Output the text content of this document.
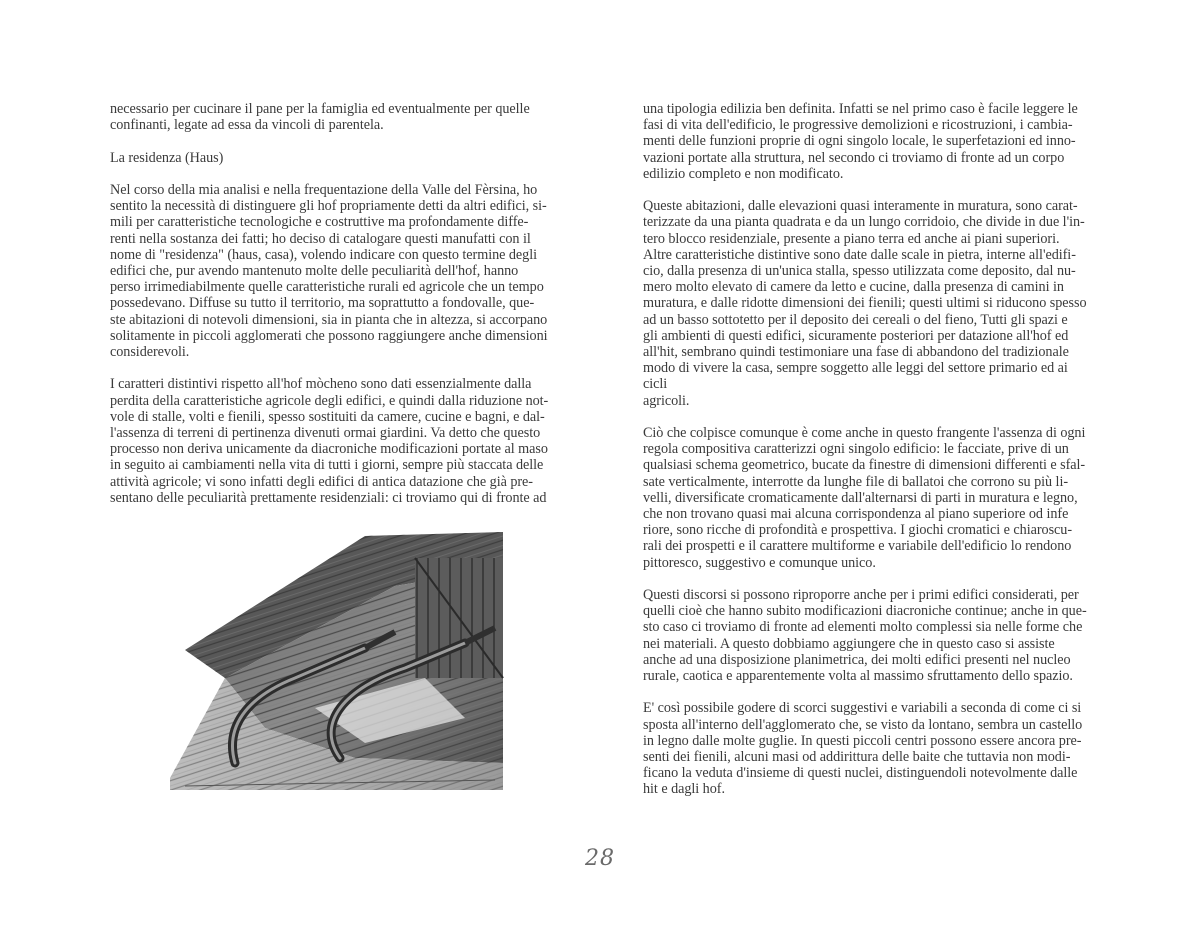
necessario per cucinare il pane per la famiglia ed eventualmente per quelle
confinanti, legate ad essa da vincoli di parentela.

La residenza (Haus)

Nel corso della mia analisi e nella frequentazione della Valle del Fèrsina, ho
sentito la necessità di distinguere gli hof propriamente detti da altri edifici, si-
mili per caratteristiche tecnologiche e costruttive ma profondamente diffe-
renti nella sostanza dei fatti; ho deciso di catalogare questi manufatti con il
nome di "residenza" (haus, casa), volendo indicare con questo termine degli
edifici che, pur avendo mantenuto molte delle peculiarità dell'hof, hanno
perso irrimediabilmente quelle caratteristiche rurali ed agricole che un tempo
possedevano. Diffuse su tutto il territorio, ma soprattutto a fondovalle, que-
ste abitazioni di notevoli dimensioni, sia in pianta che in altezza, si accorpano
solitamente in piccoli agglomerati che possono raggiungere anche dimensioni
considerevoli.

I caratteri distintivi rispetto all'hof mòcheno sono dati essenzialmente dalla
perdita della caratteristiche agricole degli edifici, e quindi dalla riduzione not-
vole di stalle, volti e fienili, spesso sostituiti da camere, cucine e bagni, e dal-
l'assenza di terreni di pertinenza divenuti ormai giardini. Va detto che questo
processo non deriva unicamente da diacroniche modificazioni portate al maso
in seguito ai cambiamenti nella vita di tutti i giorni, sempre più staccata delle
attività agricole; vi sono infatti degli edifici di antica datazione che già pre-
sentano delle peculiarità prettamente residenziali: ci troviamo qui di fronte ad

una tipologia edilizia ben definita. Infatti se nel primo caso è facile leggere le
fasi di vita dell'edificio, le progressive demolizioni e ricostruzioni, i cambia-
menti delle funzioni proprie di ogni singolo locale, le superfetazioni ed inno-
vazioni portate alla struttura, nel secondo ci troviamo di fronte ad un corpo
edilizio completo e non modificato.

Queste abitazioni, dalle elevazioni quasi interamente in muratura, sono carat-
terizzate da una pianta quadrata e da un lungo corridoio, che divide in due l'in-
tero blocco residenziale, presente a piano terra ed anche ai piani superiori.
Altre caratteristiche distintive sono date dalle scale in pietra, interne all'edifi-
cio, dalla presenza di un'unica stalla, spesso utilizzata come deposito, dal nu-
mero molto elevato di camere da letto e cucine, dalla presenza di camini in
muratura, e dalle ridotte dimensioni dei fienili; questi ultimi si riducono spesso
ad un basso sottotetto per il deposito dei cereali o del fieno, Tutti gli spazi e
gli ambienti di questi edifici, sicuramente posteriori per datazione all'hof ed
all'hit, sembrano quindi testimoniare una fase di abbandono del tradizionale
modo di vivere la casa, sempre soggetto alle leggi del settore primario ed ai cicli
agricoli.

Ciò che colpisce comunque è come anche in questo frangente l'assenza di ogni
regola compositiva caratterizzi ogni singolo edificio: le facciate, prive di un
qualsiasi schema geometrico, bucate da finestre di dimensioni differenti e sfal-
sate verticalmente, interrotte da lunghe file di ballatoi che corrono su più li-
velli, diversificate cromaticamente dall'alternarsi di parti in muratura e legno,
che non trovano quasi mai alcuna corrispondenza al piano superiore od infe
riore, sono ricche di profondità e prospettiva. I giochi cromatici e chiaroscu-
rali dei prospetti e il carattere multiforme e variabile dell'edificio lo rendono
pittoresco, suggestivo e comunque unico.

Questi discorsi si possono riproporre anche per i primi edifici considerati, per
quelli cioè che hanno subito modificazioni diacroniche continue; anche in que-
sto caso ci troviamo di fronte ad elementi molto complessi sia nelle forme che
nei materiali. A questo dobbiamo aggiungere che in questo caso si assiste
anche ad una disposizione planimetrica, dei molti edifici presenti nel nucleo
rurale, caotica e apparentemente volta al massimo sfruttamento dello spazio.

E' così possibile godere di scorci suggestivi e variabili a seconda di come ci si
sposta all'interno dell'agglomerato che, se visto da lontano, sembra un castello
in legno dalle molte guglie. In questi piccoli centri possono essere ancora pre-
senti dei fienili, alcuni masi od addirittura delle baite che tuttavia non modi-
ficano la veduta d'insieme di questi nuclei, distinguendoli notevolmente dalle
hit e dagli hof.

28
